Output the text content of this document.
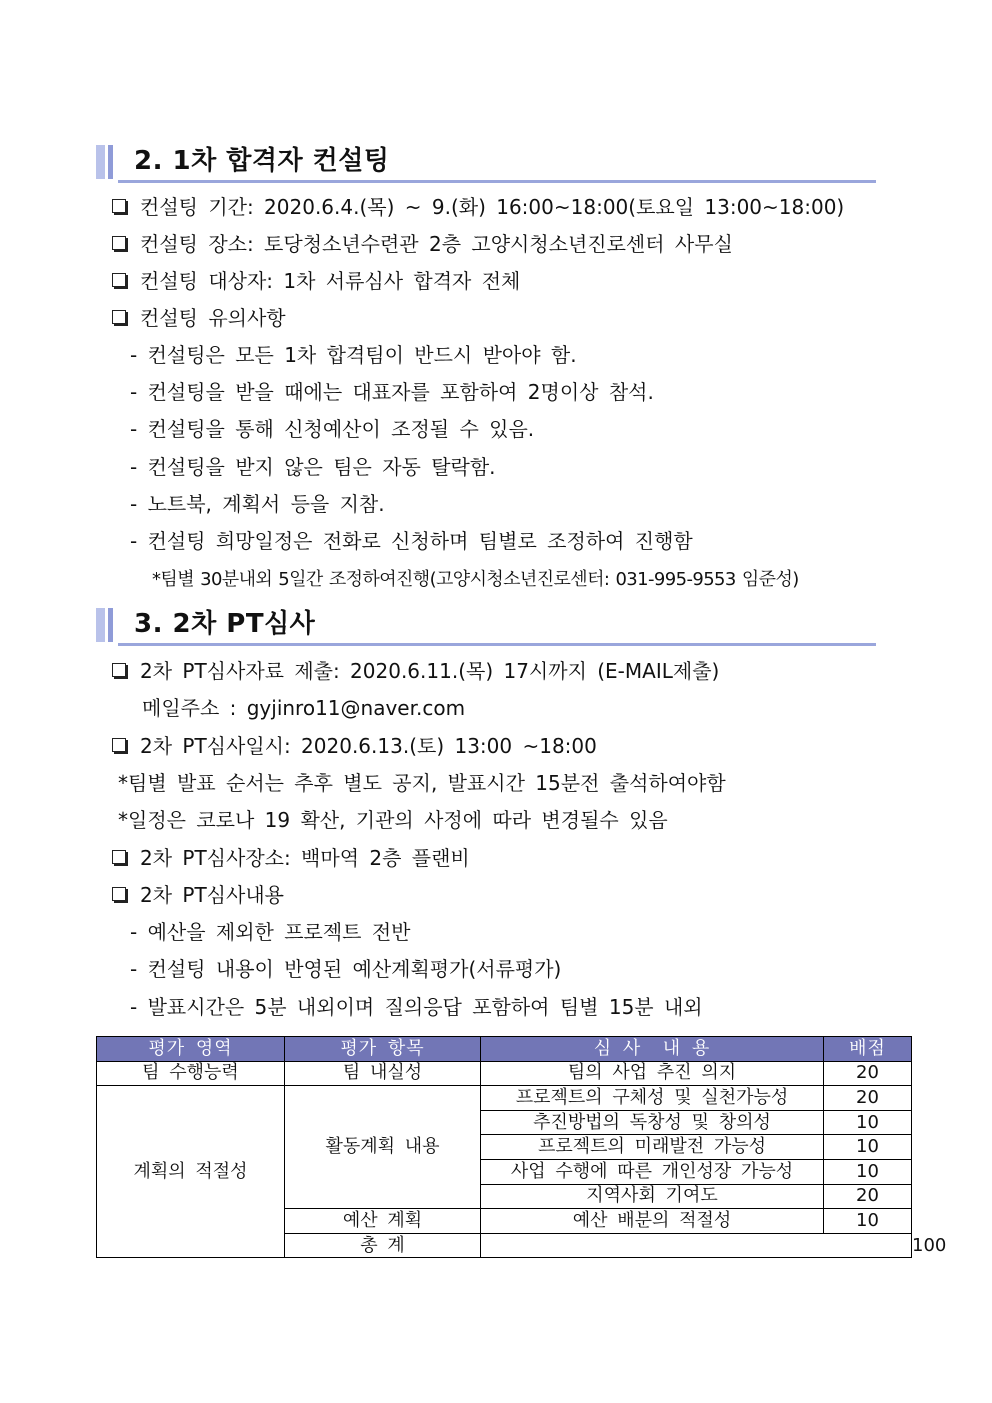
2. 1차 합격자 컨설팅
컨설팅 기간: 2020.6.4.(목) ~ 9.(화) 16:00~18:00(토요일 13:00~18:00)
컨설팅 장소: 토당청소년수련관 2층 고양시청소년진로센터 사무실
컨설팅 대상자: 1차 서류심사 합격자 전체
컨설팅 유의사항
- 컨설팅은 모든 1차 합격팀이 반드시 받아야 함.
- 컨설팅을 받을 때에는 대표자를 포함하여 2명이상 참석.
- 컨설팅을 통해 신청예산이 조정될 수 있음.
- 컨설팅을 받지 않은 팀은 자동 탈락함.
- 노트북, 계획서 등을 지참.
- 컨설팅 희망일정은 전화로 신청하며 팀별로 조정하여 진행함
*팀별 30분내외 5일간 조정하여진행(고양시청소년진로센터: 031-995-9553 임준성)
3. 2차 PT심사
2차 PT심사자료 제출: 2020.6.11.(목) 17시까지 (E-MAIL제출)
메일주소 : gyjinro11@naver.com
2차 PT심사일시: 2020.6.13.(토) 13:00 ~18:00
*팀별 발표 순서는 추후 별도 공지, 발표시간 15분전 출석하여야함
*일정은 코로나 19 확산, 기관의 사정에 따라 변경될수 있음
2차 PT심사장소: 백마역 2층 플랜비
2차 PT심사내용
- 예산을 제외한 프로젝트 전반
- 컨설팅 내용이 반영된 예산계획평가(서류평가)
- 발표시간은 5분 내외이며 질의응답 포함하여 팀별 15분 내외
평가 영역	평가 항목	심 사  내 용	배점	
팀 수행능력	팀 내실성	팀의 사업 추진 의지	20	
계획의 적절성	활동계획 내용	프로젝트의 구체성 및 실천가능성	20	
		추진방법의 독창성 및 창의성	10	
		프로젝트의 미래발전 가능성	10	
		사업 수행에 따른 개인성장 가능성	10	
		지역사회 기여도	20	
	예산 계획	예산 배분의 적절성	10	
	총 계			100
